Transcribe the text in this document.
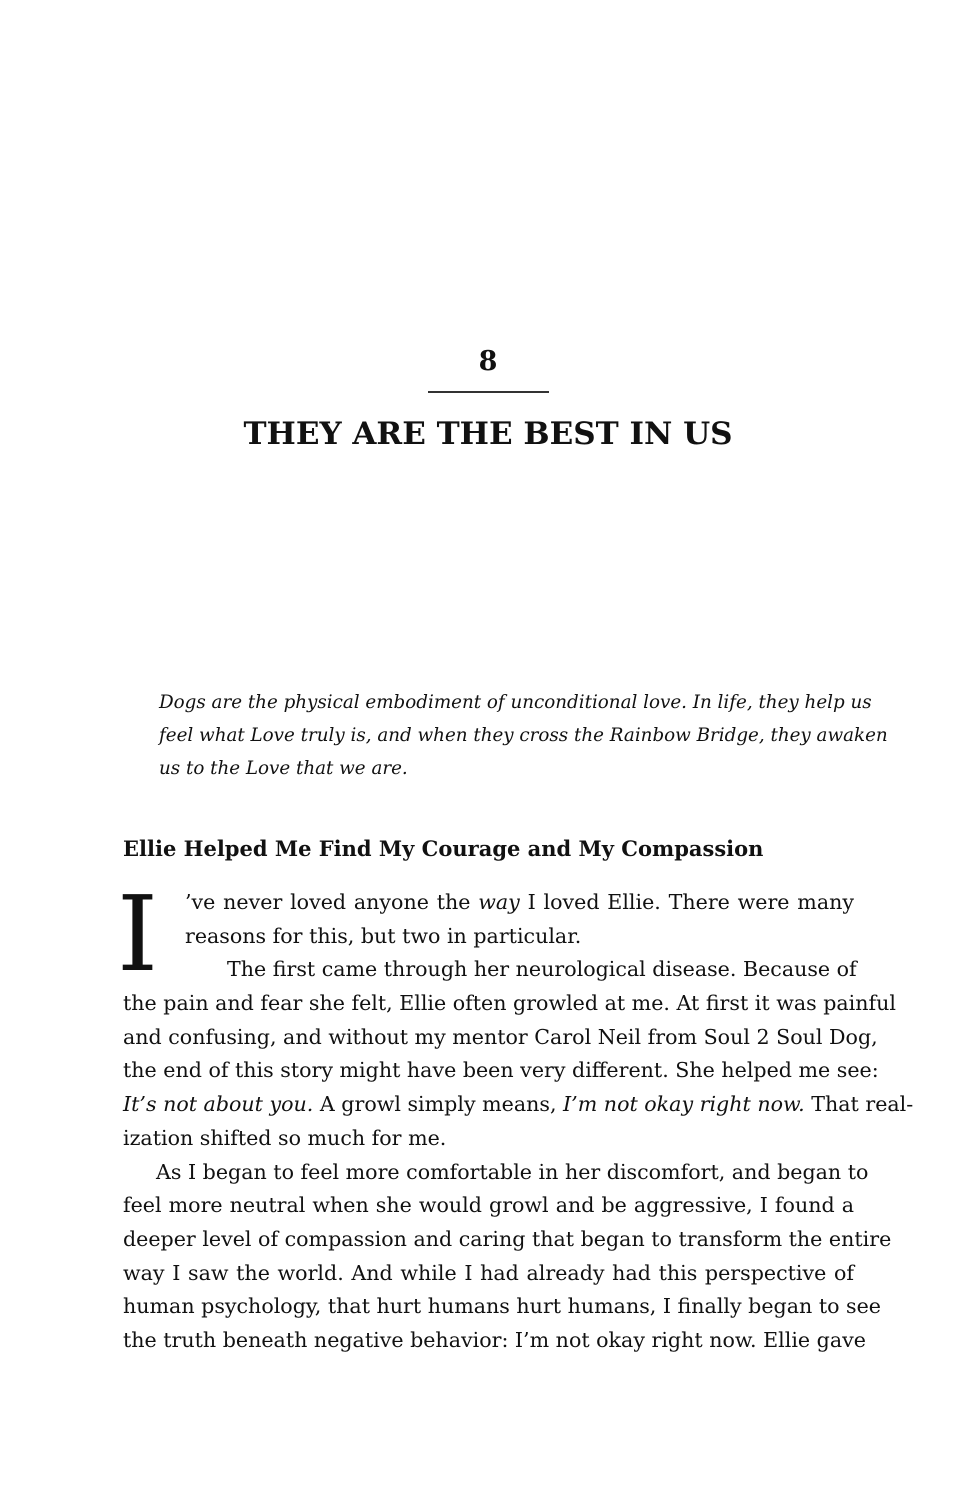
8
THEY ARE THE BEST IN US
Dogs are the physical embodiment of unconditional love. In life, they help us
feel what Love truly is, and when they cross the Rainbow Bridge, they awaken
us to the Love that we are.
Ellie Helped Me Find My Courage and My Compassion
I	’ve never loved anyone the way I loved Ellie. There were many
reasons for this, but two in particular.
The first came through her neurological disease. Because of
the pain and fear she felt, Ellie often growled at me. At first it was painful
and confusing, and without my mentor Carol Neil from Soul 2 Soul Dog,
the end of this story might have been very different. She helped me see:
It’s not about you. A growl simply means, I’m not okay right now. That real-
ization shifted so much for me.
As I began to feel more comfortable in her discomfort, and began to
feel more neutral when she would growl and be aggressive, I found a
deeper level of compassion and caring that began to transform the entire
way I saw the world. And while I had already had this perspective of
human psychology, that hurt humans hurt humans, I finally began to see
the truth beneath negative behavior: I’m not okay right now. Ellie gave
